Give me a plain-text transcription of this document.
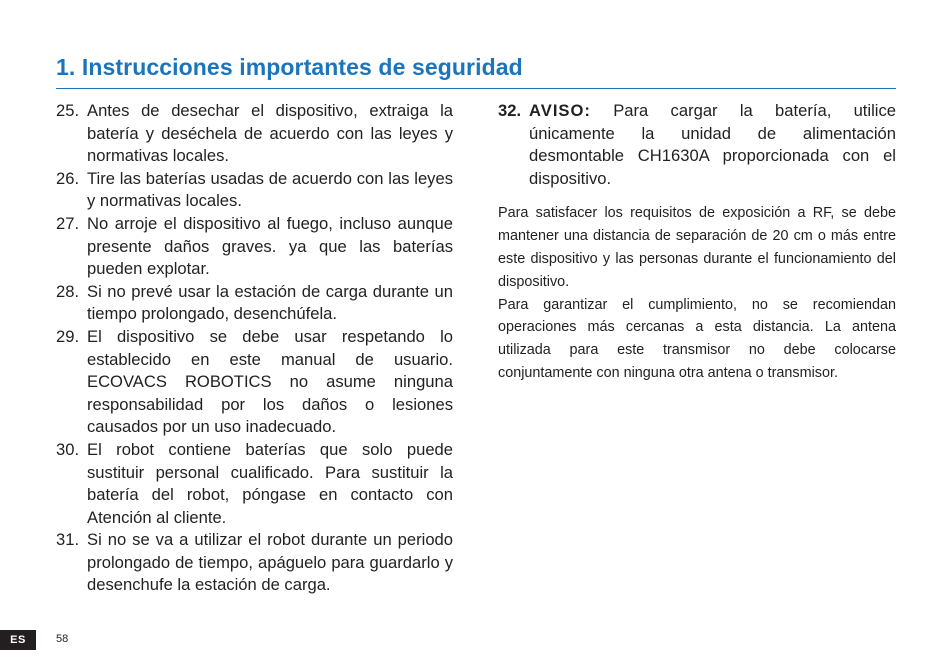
1. Instrucciones importantes de seguridad
25. Antes de desechar el dispositivo, extraiga la batería y deséchela de acuerdo con las leyes y normativas locales.
26. Tire las baterías usadas de acuerdo con las leyes y normativas locales.
27. No arroje el dispositivo al fuego, incluso aunque presente daños graves. ya que las baterías pueden explotar.
28. Si no prevé usar la estación de carga durante un tiempo prolongado, desenchúfela.
29. El dispositivo se debe usar respetando lo establecido en este manual de usuario. ECOVACS ROBOTICS no asume ninguna responsabilidad por los daños o lesiones causados por un uso inadecuado.
30. El robot contiene baterías que solo puede sustituir personal cualificado. Para sustituir la batería del robot, póngase en contacto con Atención al cliente.
31. Si no se va a utilizar el robot durante un periodo prolongado de tiempo, apáguelo para guardarlo y desenchufe la estación de carga.
32. AVISO: Para cargar la batería, utilice únicamente la unidad de alimentación desmontable CH1630A proporcionada con el dispositivo.

Para satisfacer los requisitos de exposición a RF, se debe mantener una distancia de separación de 20 cm o más entre este dispositivo y las personas durante el funcionamiento del dispositivo.

Para garantizar el cumplimiento, no se recomiendan operaciones más cercanas a esta distancia. La antena utilizada para este transmisor no debe colocarse conjuntamente con ninguna otra antena o transmisor.

ES	58
